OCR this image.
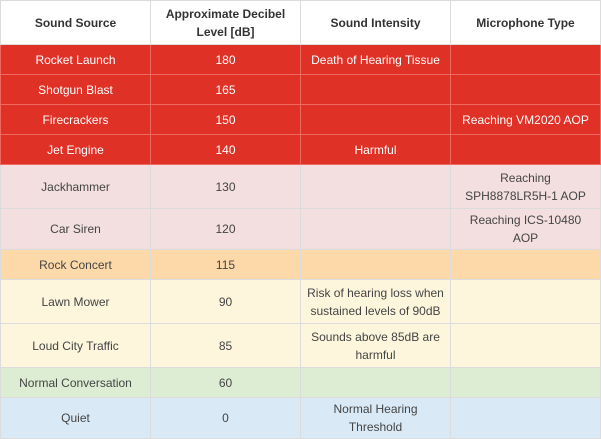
Sound Source	Approximate Decibel Level [dB]	Sound Intensity	Microphone Type
Rocket Launch	180	Death of Hearing Tissue	
Shotgun Blast	165		
Firecrackers	150		Reaching VM2020 AOP
Jet Engine	140	Harmful	
Jackhammer	130		Reaching SPH8878LR5H-1 AOP
Car Siren	120		Reaching ICS-10480 AOP
Rock Concert	115		
Lawn Mower	90	Risk of hearing loss when sustained levels of 90dB	
Loud City Traffic	85	Sounds above 85dB are harmful	
Normal Conversation	60		
Quiet	0	Normal Hearing Threshold	
